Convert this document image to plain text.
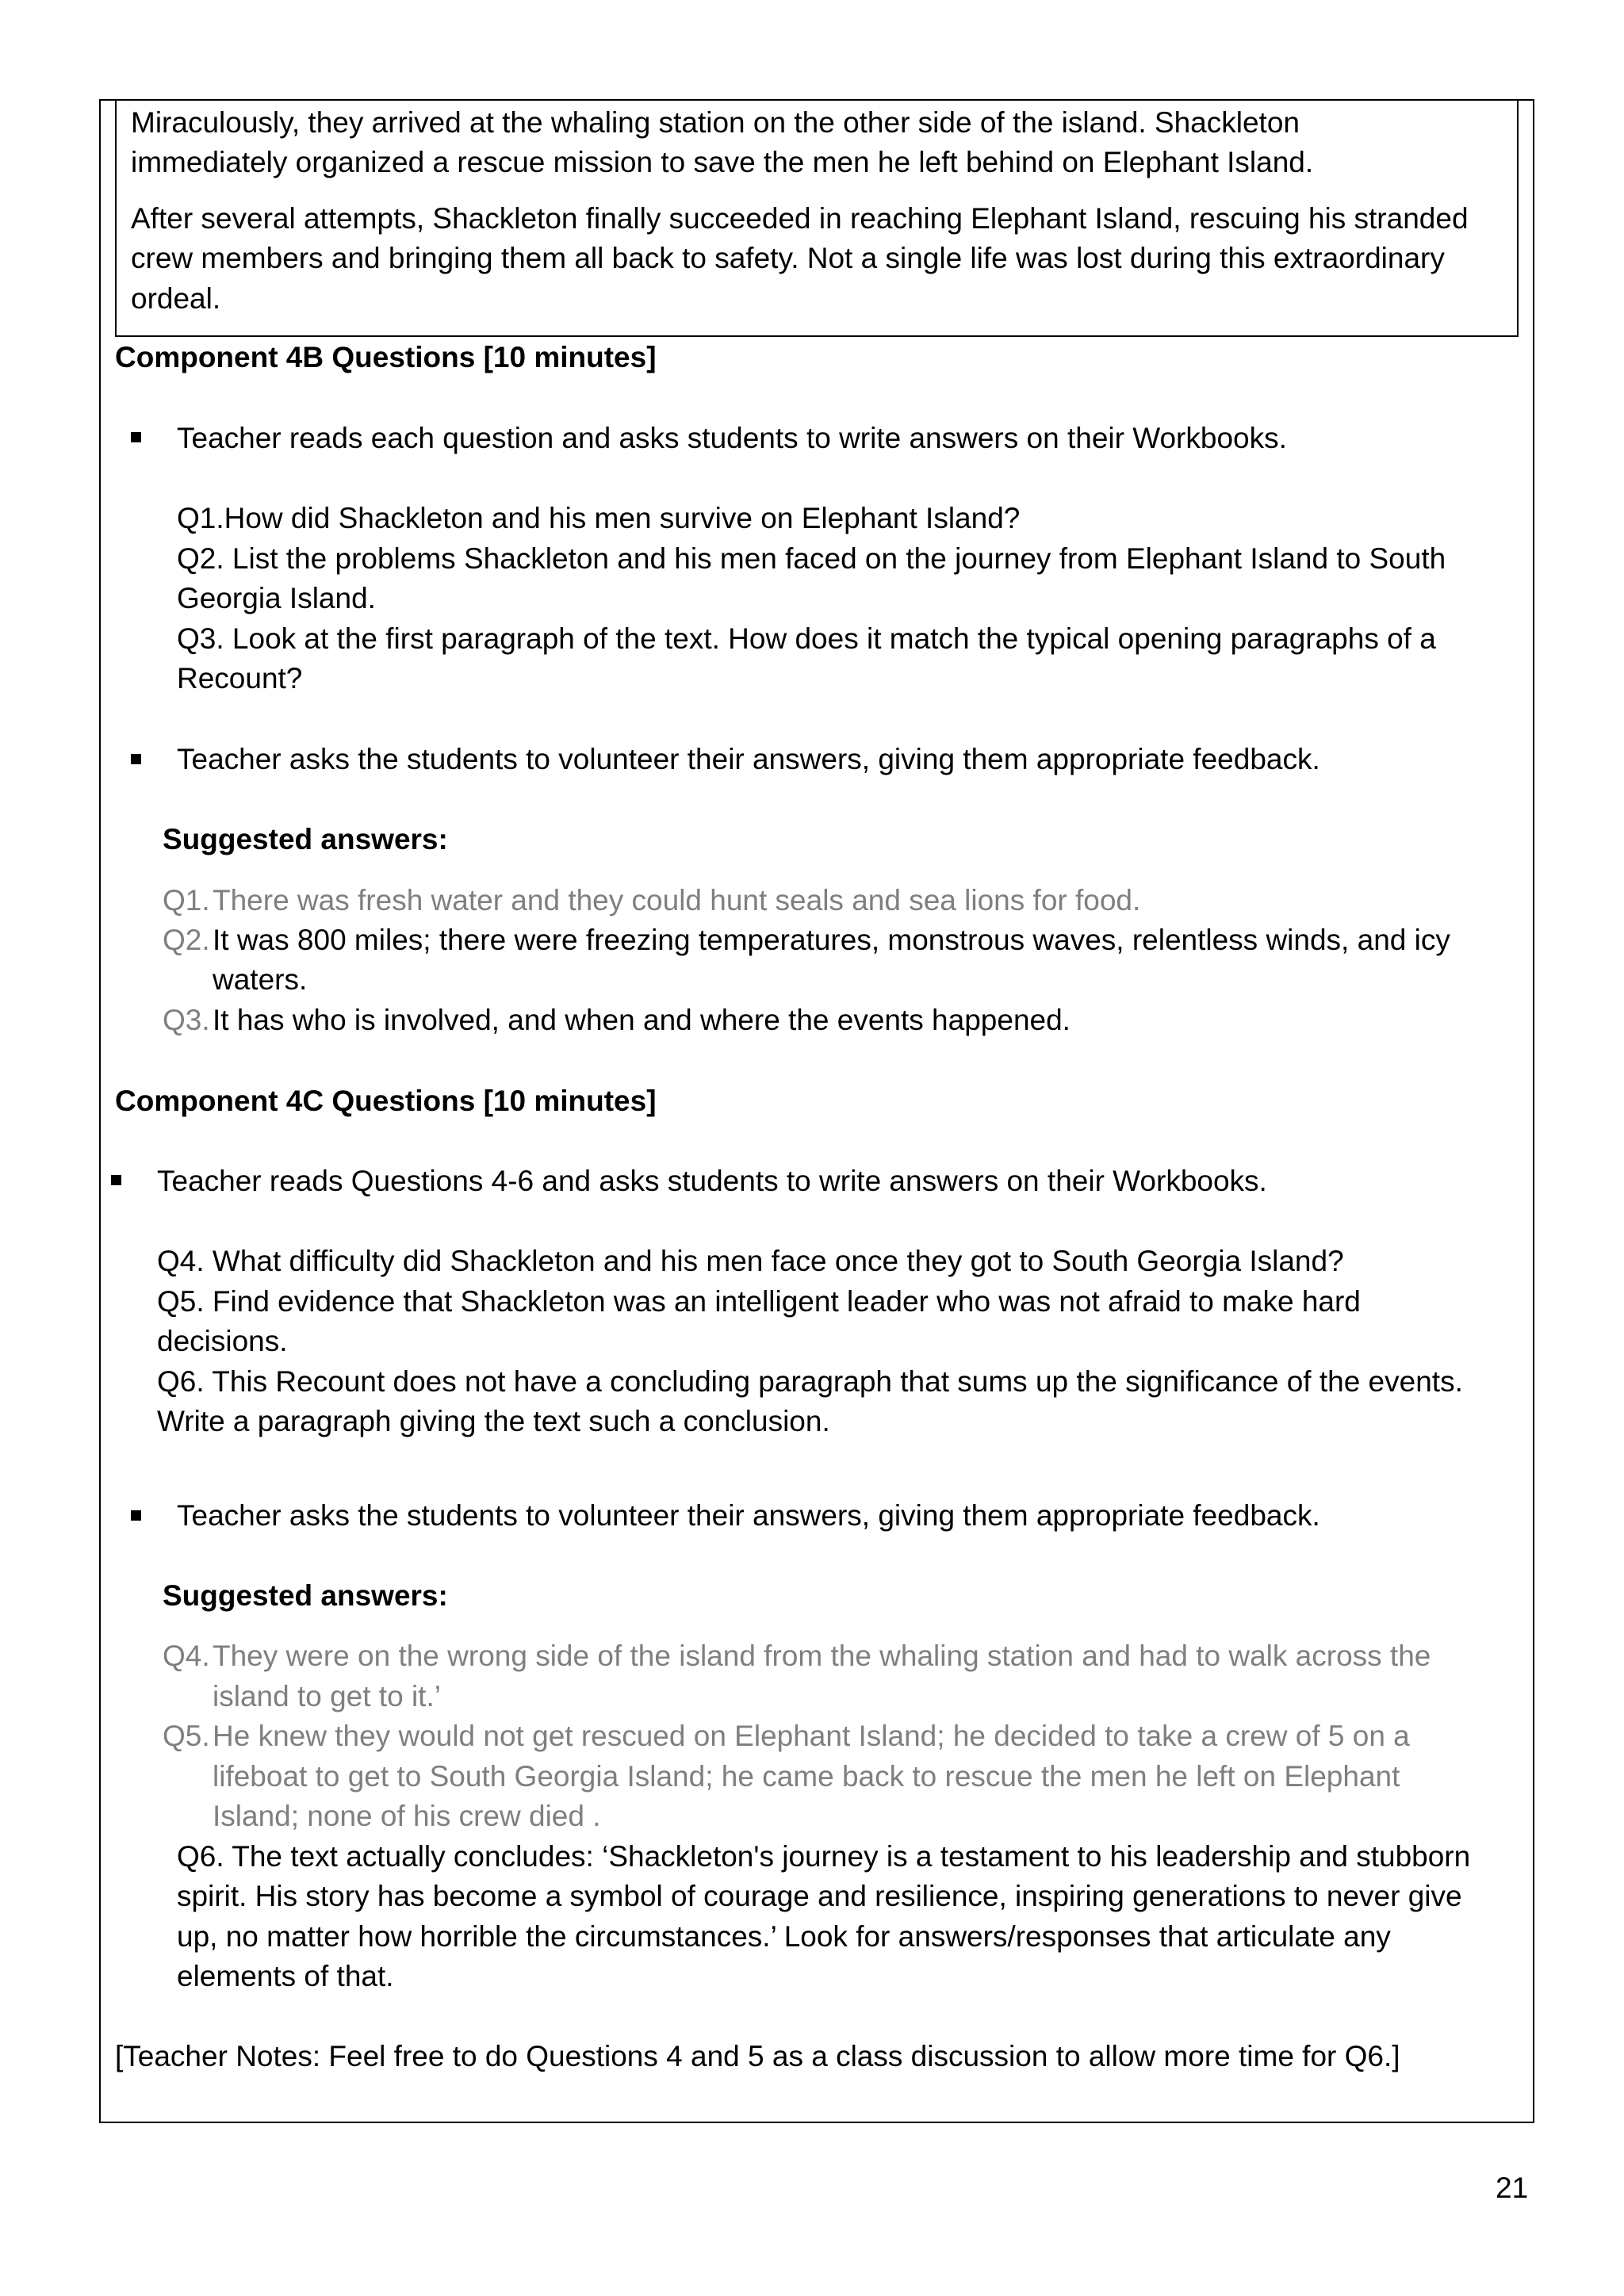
Miraculously, they arrived at the whaling station on the other side of the island. Shackleton
immediately organized a rescue mission to save the men he left behind on Elephant Island.
After several attempts, Shackleton finally succeeded in reaching Elephant Island, rescuing his stranded
crew members and bringing them all back to safety. Not a single life was lost during this extraordinary
ordeal.
Component 4B Questions [10 minutes]
Teacher reads each question and asks students to write answers on their Workbooks.
Q1.How did Shackleton and his men survive on Elephant Island?
Q2. List the problems Shackleton and his men faced on the journey from Elephant Island to South
Georgia Island.
Q3. Look at the first paragraph of the text. How does it match the typical opening paragraphs of a
Recount?
Teacher asks the students to volunteer their answers, giving them appropriate feedback.
Suggested answers:
Q1. There was fresh water and they could hunt seals and sea lions for food.
Q2. It was 800 miles; there were freezing temperatures, monstrous waves, relentless winds, and icy
waters.
Q3. It has who is involved, and when and where the events happened.
Component 4C Questions [10 minutes]
Teacher reads Questions 4-6 and asks students to write answers on their Workbooks.
Q4. What difficulty did Shackleton and his men face once they got to South Georgia Island?
Q5. Find evidence that Shackleton was an intelligent leader who was not afraid to make hard
decisions.
Q6. This Recount does not have a concluding paragraph that sums up the significance of the events.
Write a paragraph giving the text such a conclusion.
Teacher asks the students to volunteer their answers, giving them appropriate feedback.
Suggested answers:
Q4. They were on the wrong side of the island from the whaling station and had to walk across the
island to get to it.’
Q5. He knew they would not get rescued on Elephant Island; he decided to take a crew of 5 on a
lifeboat to get to South Georgia Island; he came back to rescue the men he left on Elephant
Island; none of his crew died .
Q6. The text actually concludes: ‘Shackleton's journey is a testament to his leadership and stubborn
spirit. His story has become a symbol of courage and resilience, inspiring generations to never give
up, no matter how horrible the circumstances.’ Look for answers/responses that articulate any
elements of that.
[Teacher Notes: Feel free to do Questions 4 and 5 as a class discussion to allow more time for Q6.]
21
